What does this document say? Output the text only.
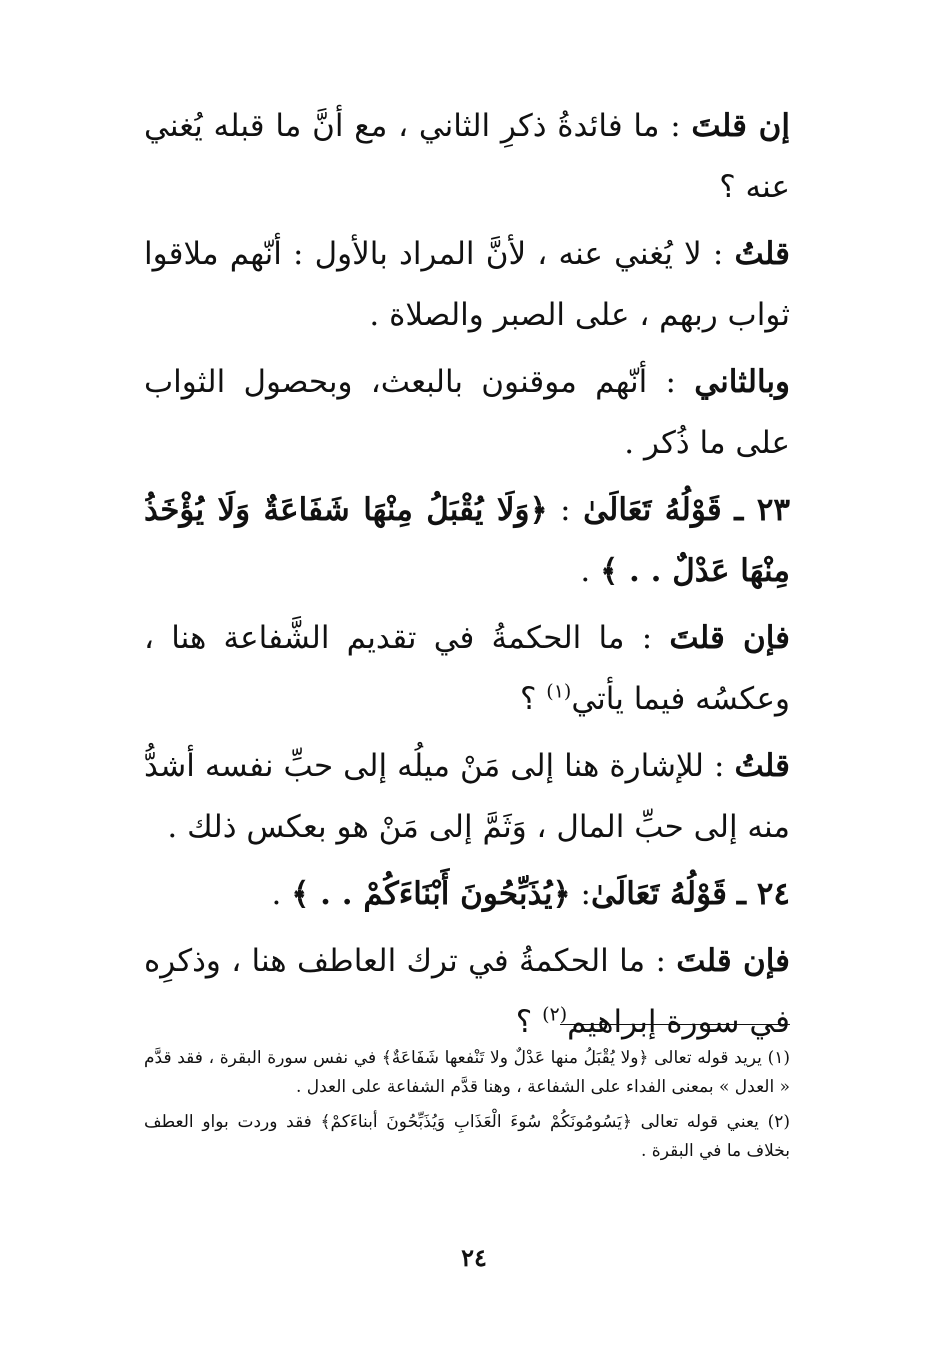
إن قلتَ : ما فائدةُ ذكرِ الثاني ، مع أنَّ ما قبله يُغني عنه ؟

قلتُ : لا يُغني عنه ، لأنَّ المراد بالأول : أنّهم ملاقوا ثواب ربهم ، على الصبر والصلاة .

وبالثاني : أنّهم موقنون بالبعث، وبحصول الثواب على ما ذُكر .

٢٣ ـ قَوْلُهُ تَعَالَىٰ : ﴿وَلَا يُقْبَلُ مِنْهَا شَفَاعَةٌ وَلَا يُؤْخَذُ مِنْهَا عَدْلٌ . . ﴾ .

فإن قلتَ : ما الحكمةُ في تقديم الشَّفاعة هنا ، وعكسُه فيما يأتي$^{(١)}$ ؟

قلتُ : للإشارة هنا إلى مَنْ ميلُه إلى حبِّ نفسه أشدُّ منه إلى حبِّ المال ، وَثَمَّ إلى مَنْ هو بعكس ذلك .

٢٤ ـ قَوْلُهُ تَعَالَىٰ: ﴿يُذَبِّحُونَ أَبْنَاءَكُمْ . . ﴾ .

فإن قلتَ : ما الحكمةُ في ترك العاطف هنا ، وذكرِه في سورة إبراهيم$^{(٢)}$ ؟

(١) يريد قوله تعالى ﴿ولا يُقْبَلُ منها عَدْلٌ ولا تَنْفعها شَفَاعَةٌ﴾ في نفس سورة البقرة ، فقد قدَّم « العدل » بمعنى الفداء على الشفاعة ، وهنا قدَّم الشفاعة على العدل .

(٢) يعني قوله تعالى ﴿يَسُومُونَكُمْ سُوءَ الْعَذَابِ وَيُذَبِّحُونَ أبناءَكمْ﴾ فقد وردت بواو العطف بخلاف ما في البقرة .

٢٤
